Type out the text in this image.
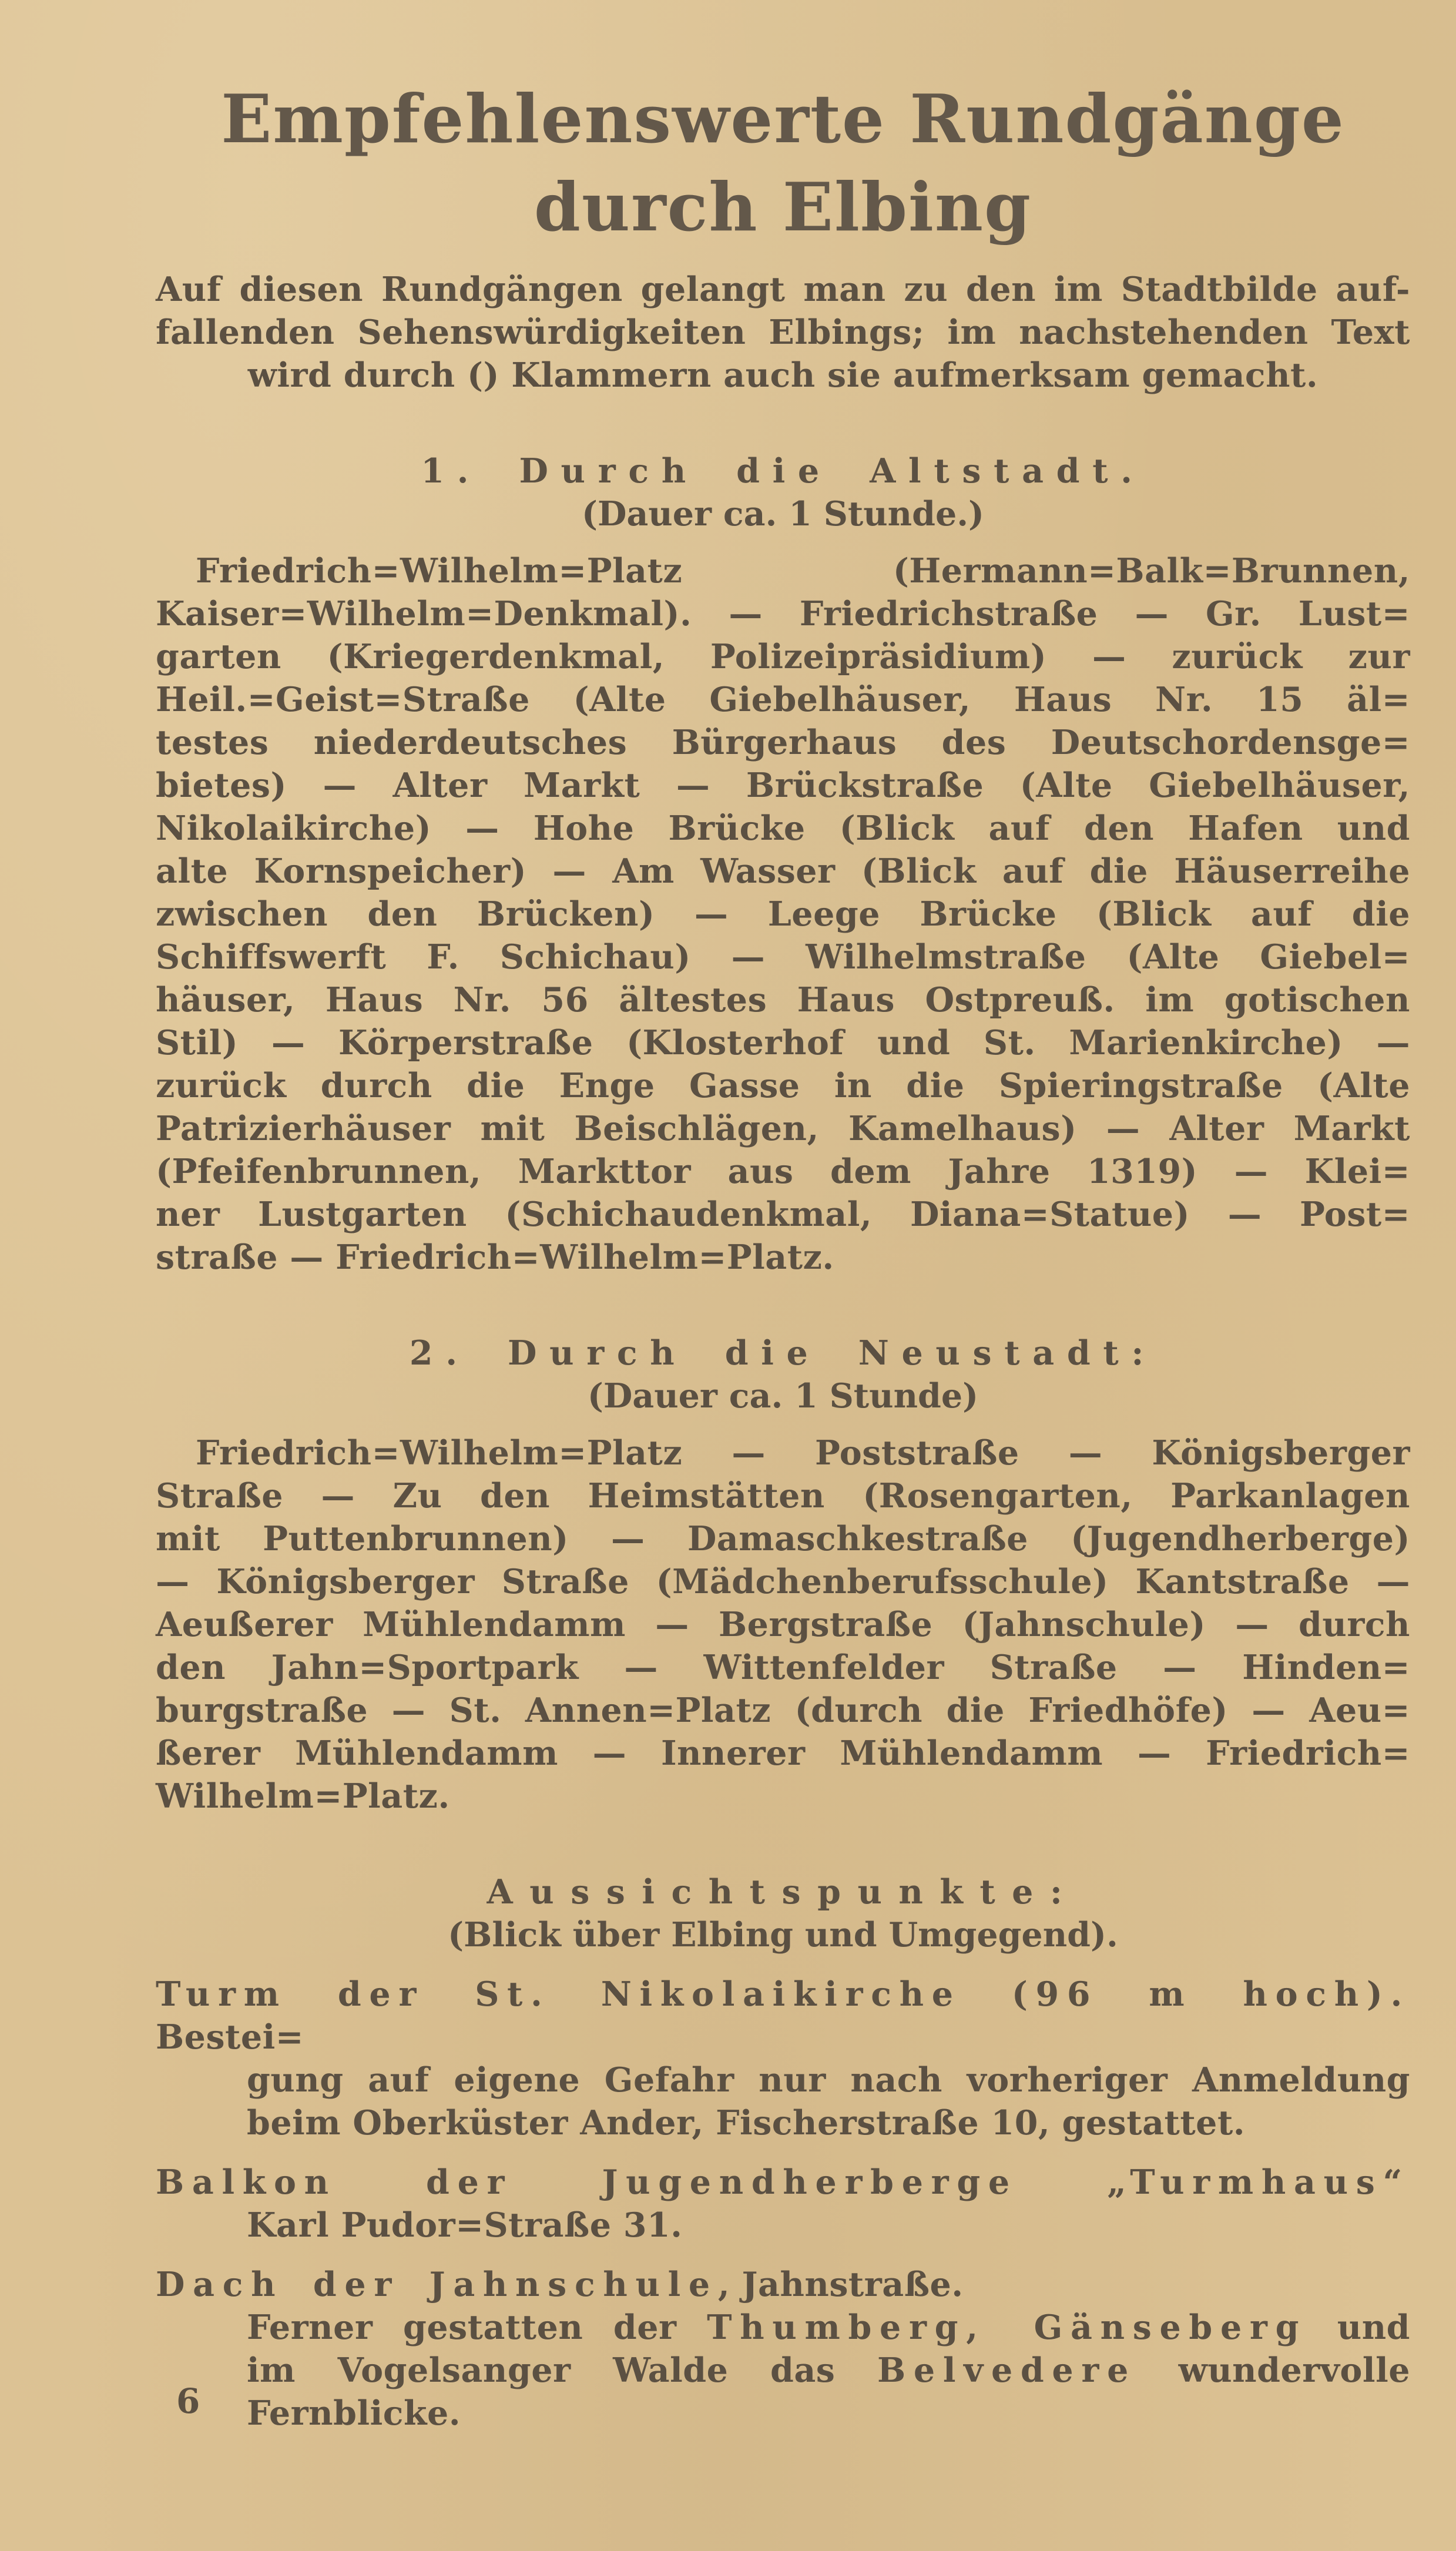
Empfehlenswerte Rundgänge
durch Elbing
Auf diesen Rundgängen gelangt man zu den im Stadtbilde auf-
fallenden Sehenswürdigkeiten Elbings; im nachstehenden Text
wird durch () Klammern auch sie aufmerksam gemacht.
1. Durch die Altstadt.
(Dauer ca. 1 Stunde.)
Friedrich=Wilhelm=Platz (Hermann=Balk=Brunnen,
Kaiser=Wilhelm=Denkmal). — Friedrichstraße — Gr. Lust=
garten (Kriegerdenkmal, Polizeipräsidium) — zurück zur
Heil.=Geist=Straße (Alte Giebelhäuser, Haus Nr. 15 äl=
testes niederdeutsches Bürgerhaus des Deutschordensge=
bietes) — Alter Markt — Brückstraße (Alte Giebelhäuser,
Nikolaikirche) — Hohe Brücke (Blick auf den Hafen und
alte Kornspeicher) — Am Wasser (Blick auf die Häuserreihe
zwischen den Brücken) — Leege Brücke (Blick auf die
Schiffswerft F. Schichau) — Wilhelmstraße (Alte Giebel=
häuser, Haus Nr. 56 ältestes Haus Ostpreuß. im gotischen
Stil) — Körperstraße (Klosterhof und St. Marienkirche) —
zurück durch die Enge Gasse in die Spieringstraße (Alte
Patrizierhäuser mit Beischlägen, Kamelhaus) — Alter Markt
(Pfeifenbrunnen, Markttor aus dem Jahre 1319) — Klei=
ner Lustgarten (Schichaudenkmal, Diana=Statue) — Post=
straße — Friedrich=Wilhelm=Platz.
2. Durch die Neustadt:
(Dauer ca. 1 Stunde)
Friedrich=Wilhelm=Platz — Poststraße — Königsberger
Straße — Zu den Heimstätten (Rosengarten, Parkanlagen
mit Puttenbrunnen) — Damaschkestraße (Jugendherberge)
— Königsberger Straße (Mädchenberufsschule) Kantstraße —
Aeußerer Mühlendamm — Bergstraße (Jahnschule) — durch
den Jahn=Sportpark — Wittenfelder Straße — Hinden=
burgstraße — St. Annen=Platz (durch die Friedhöfe) — Aeu=
ßerer Mühlendamm — Innerer Mühlendamm — Friedrich=
Wilhelm=Platz.
Aussichtspunkte:
(Blick über Elbing und Umgegend).
Turm der St. Nikolaikirche (96 m hoch). Bestei=
gung auf eigene Gefahr nur nach vorheriger Anmeldung
beim Oberküster Ander, Fischerstraße 10, gestattet.
Balkon der Jugendherberge „Turmhaus“
Karl Pudor=Straße 31.
Dach der Jahnschule, Jahnstraße.
Ferner gestatten der Thumberg, Gänseberg und
im Vogelsanger Walde das Belvedere wundervolle
Fernblicke.
6
